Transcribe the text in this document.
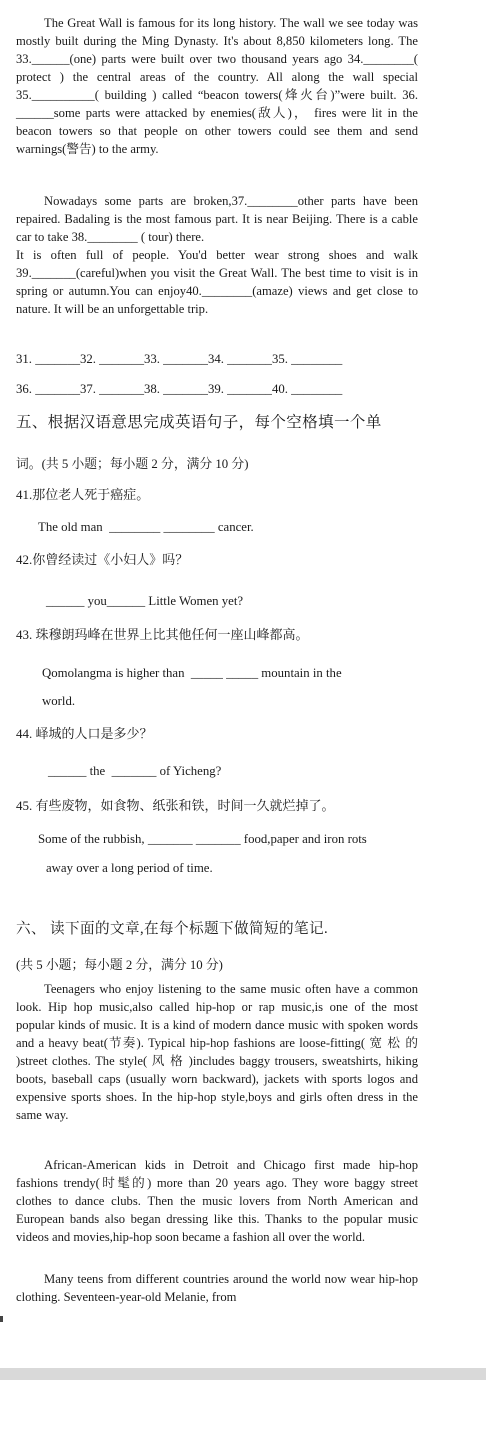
The Great Wall is famous for its long history. The wall we see today was mostly built during the Ming Dynasty. It's about 8,850 kilometers long. The 33.______(one) parts were built over two thousand years ago 34.________( protect ) the central areas of the country. All along the wall special 35.__________( building ) called “beacon towers(烽火台)”were built. 36. ______some parts were attacked by enemies(敌人)， fires were lit in the beacon towers so that people on other towers could see them and send warnings(警告) to the army.

Nowadays some parts are broken,37.________other parts have been repaired. Badaling is the most famous part. It is near Beijing. There is a cable car to take 38.________ ( tour) there.

It is often full of people. You'd better wear strong shoes and walk 39._______(careful)when you visit the Great Wall. The best time to visit is in spring or autumn.You can enjoy40.________(amaze) views and get close to nature. It will be an unforgettable trip.

31. _______32. _______33. _______34. _______35. ________
36. _______37. _______38. _______39. _______40. ________
五、根据汉语意思完成英语句子，每个空格填一个单
词。(共 5 小题；每小题 2 分，满分 10 分)
41.那位老人死于癌症。
The old man  ________ ________ cancer.
42.你曾经读过《小妇人》吗？
______ you______ Little Women yet?
43. 珠穆朗玛峰在世界上比其他任何一座山峰都高。
Qomolangma is higher than  _____ _____ mountain in the
world.
44. 峄城的人口是多少？
______ the  _______ of Yicheng?
45. 有些废物，如食物、纸张和铁，时间一久就烂掉了。
Some of the rubbish, _______ _______ food,paper and iron rots
away over a long period of time.
六、 读下面的文章,在每个标题下做简短的笔记.
(共 5 小题；每小题 2 分，满分 10 分)

Teenagers who enjoy listening to the same music often have a common look. Hip hop music,also called hip-hop or rap music,is one of the most popular kinds of music. It is a kind of modern dance music with spoken words and a heavy beat(节奏). Typical hip-hop fashions are loose-fitting( 宽 松 的 )street clothes. The style( 风 格 )includes baggy trousers, sweatshirts, hiking boots, baseball caps (usually worn backward), jackets with sports logos and expensive sports shoes. In the hip-hop style,boys and girls often dress in the same way.

African-American kids in Detroit and Chicago first made hip-hop fashions trendy(时髦的) more than 20 years ago. They wore baggy street clothes to dance clubs. Then the music lovers from North American and European bands also began dressing like this. Thanks to the popular music videos and movies,hip-hop soon became a fashion all over the world.

Many teens from different countries around the world now wear hip-hop clothing. Seventeen-year-old Melanie, from
